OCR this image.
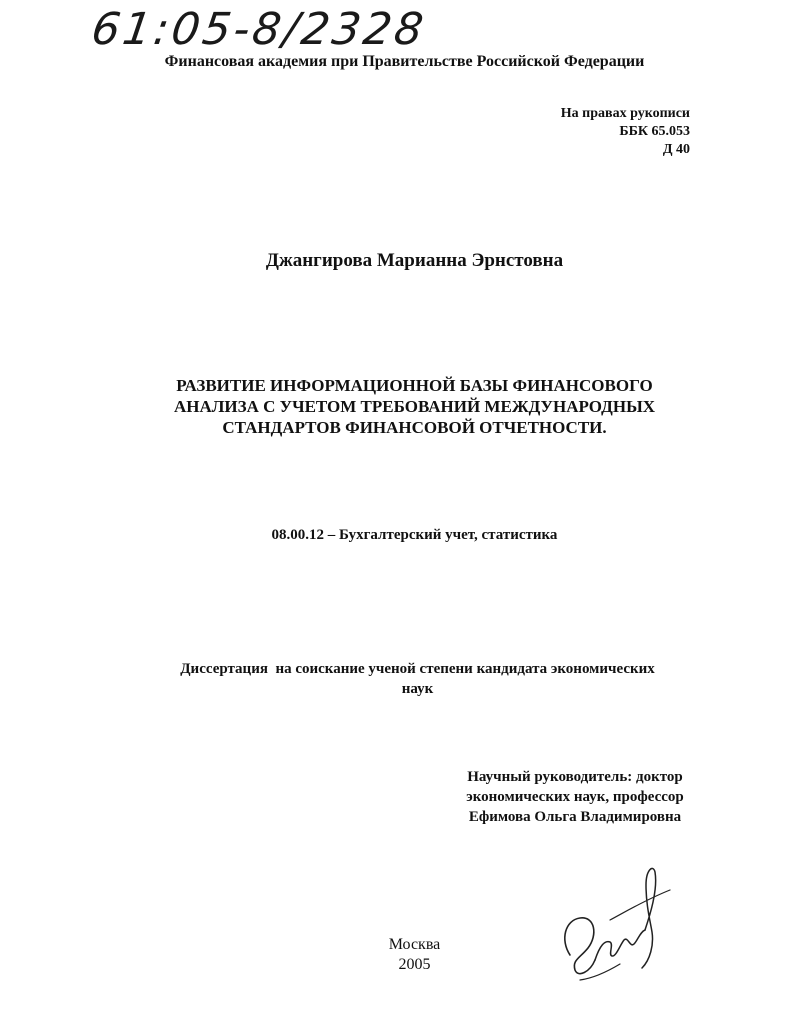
61:05-8/2328
Финансовая академия при Правительстве Российской Федерации
На правах рукописи
ББК 65.053
Д 40
Джангирова Марианна Эрнстовна
РАЗВИТИЕ ИНФОРМАЦИОННОЙ БАЗЫ ФИНАНСОВОГО
АНАЛИЗА С УЧЕТОМ ТРЕБОВАНИЙ МЕЖДУНАРОДНЫХ
СТАНДАРТОВ ФИНАНСОВОЙ ОТЧЕТНОСТИ.
08.00.12 – Бухгалтерский учет, статистика
Диссертация  на соискание ученой степени кандидата экономических
наук
Научный руководитель: доктор
экономических наук, профессор
Ефимова Ольга Владимировна
Москва
2005
